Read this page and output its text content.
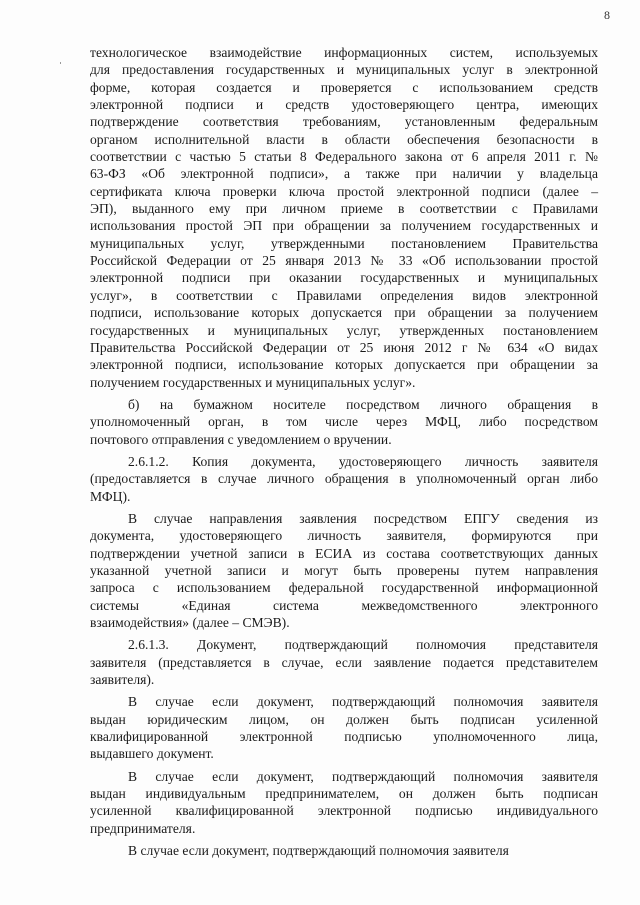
8
технологическое взаимодействие информационных систем, используемых
для предоставления государственных и муниципальных услуг в электронной
форме, которая создается и проверяется с использованием средств
электронной подписи и средств удостоверяющего центра, имеющих
подтверждение соответствия требованиям, установленным федеральным
органом исполнительной власти в области обеспечения безопасности в
соответствии с частью 5 статьи 8 Федерального закона от 6 апреля 2011 г. №
63-ФЗ «Об электронной подписи», а также при наличии у владельца
сертификата ключа проверки ключа простой электронной подписи (далее –
ЭП), выданного ему при личном приеме в соответствии с Правилами
использования простой ЭП при обращении за получением государственных и
муниципальных услуг, утвержденными постановлением Правительства
Российской Федерации от 25 января 2013 № 33 «Об использовании простой
электронной подписи при оказании государственных и муниципальных
услуг», в соответствии с Правилами определения видов электронной
подписи, использование которых допускается при обращении за получением
государственных и муниципальных услуг, утвержденных постановлением
Правительства Российской Федерации от 25 июня 2012 г № 634 «О видах
электронной подписи, использование которых допускается при обращении за
получением государственных и муниципальных услуг».
б) на бумажном носителе посредством личного обращения в
уполномоченный орган, в том числе через МФЦ, либо посредством
почтового отправления с уведомлением о вручении.
2.6.1.2. Копия документа, удостоверяющего личность заявителя
(предоставляется в случае личного обращения в уполномоченный орган либо
МФЦ).
В случае направления заявления посредством ЕПГУ сведения из
документа, удостоверяющего личность заявителя, формируются при
подтверждении учетной записи в ЕСИА из состава соответствующих данных
указанной учетной записи и могут быть проверены путем направления
запроса с использованием федеральной государственной информационной
системы «Единая система межведомственного электронного
взаимодействия» (далее – СМЭВ).
2.6.1.3. Документ, подтверждающий полномочия представителя
заявителя (представляется в случае, если заявление подается представителем
заявителя).
В случае если документ, подтверждающий полномочия заявителя
выдан юридическим лицом, он должен быть подписан усиленной
квалифицированной электронной подписью уполномоченного лица,
выдавшего документ.
В случае если документ, подтверждающий полномочия заявителя
выдан индивидуальным предпринимателем, он должен быть подписан
усиленной квалифицированной электронной подписью индивидуального
предпринимателя.
В случае если документ, подтверждающий полномочия заявителя
